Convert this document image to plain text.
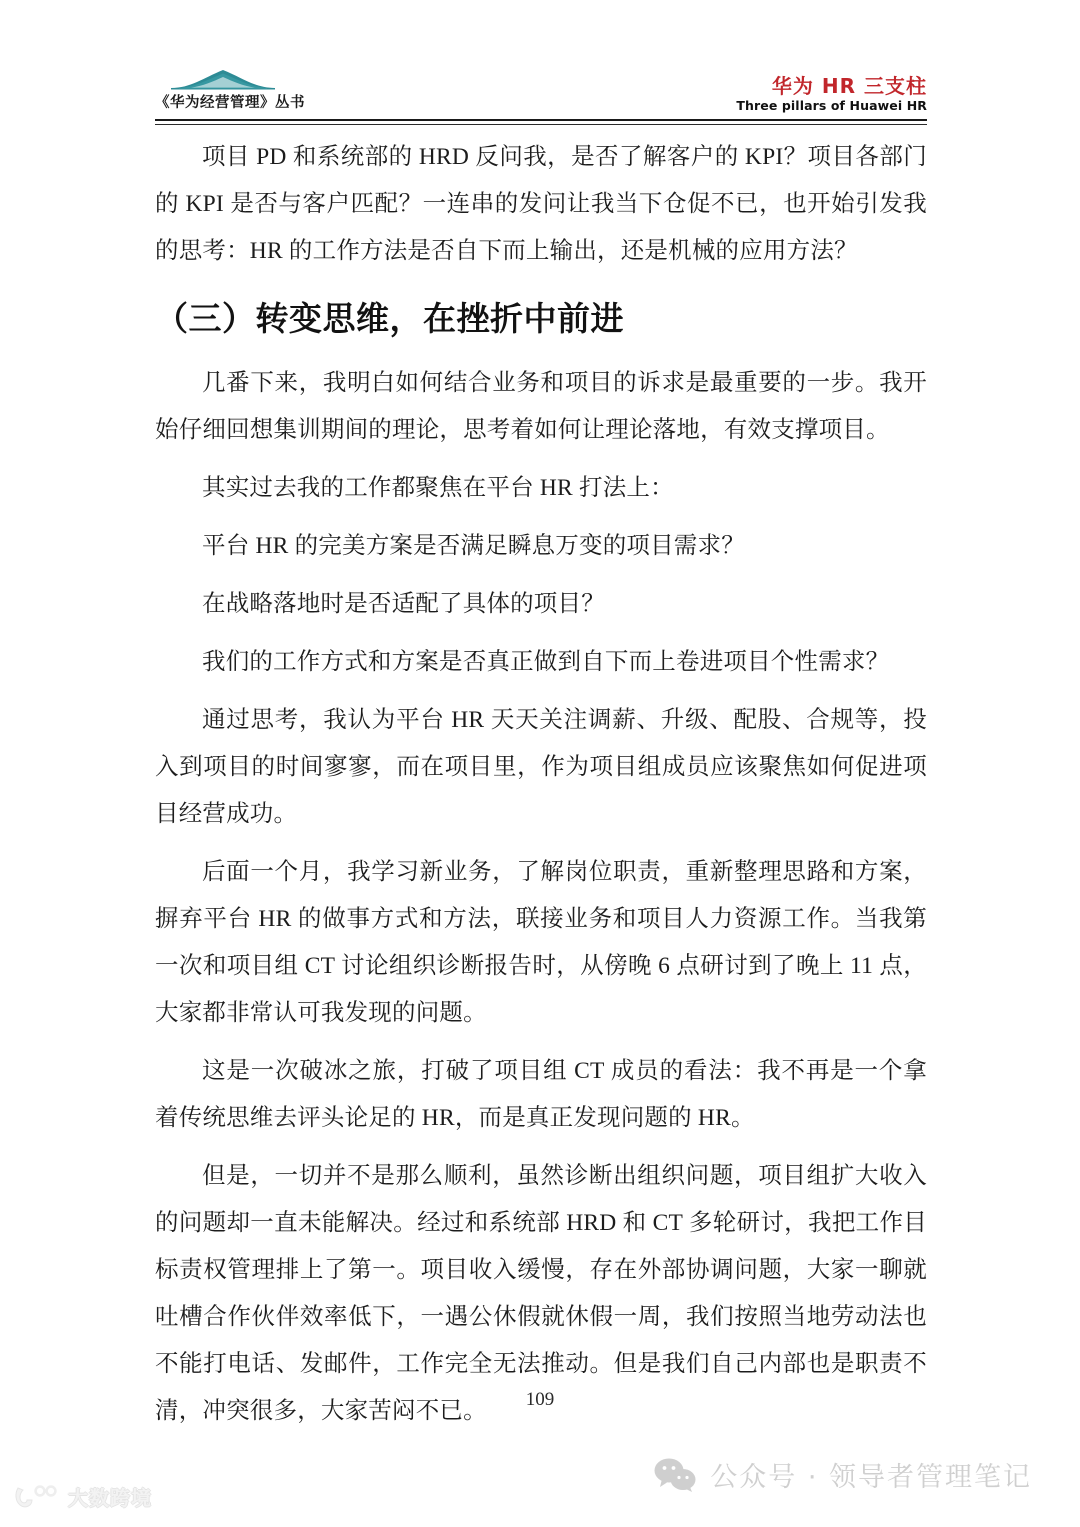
《华为经营管理》丛书
华为 HR 三支柱
Three pillars of Huawei HR

项目 PD 和系统部的 HRD 反问我，是否了解客户的 KPI？项目各部门的 KPI 是否与客户匹配？一连串的发问让我当下仓促不已，也开始引发我的思考：HR 的工作方法是否自下而上输出，还是机械的应用方法？

（三）转变思维，在挫折中前进

几番下来，我明白如何结合业务和项目的诉求是最重要的一步。我开始仔细回想集训期间的理论，思考着如何让理论落地，有效支撑项目。

其实过去我的工作都聚焦在平台 HR 打法上：

平台 HR 的完美方案是否满足瞬息万变的项目需求？

在战略落地时是否适配了具体的项目？

我们的工作方式和方案是否真正做到自下而上卷进项目个性需求？

通过思考，我认为平台 HR 天天关注调薪、升级、配股、合规等，投入到项目的时间寥寥，而在项目里，作为项目组成员应该聚焦如何促进项目经营成功。

后面一个月，我学习新业务，了解岗位职责，重新整理思路和方案，摒弃平台 HR 的做事方式和方法，联接业务和项目人力资源工作。当我第一次和项目组 CT 讨论组织诊断报告时，从傍晚 6 点研讨到了晚上 11 点，大家都非常认可我发现的问题。

这是一次破冰之旅，打破了项目组 CT 成员的看法：我不再是一个拿着传统思维去评头论足的 HR，而是真正发现问题的 HR。

但是，一切并不是那么顺利，虽然诊断出组织问题，项目组扩大收入的问题却一直未能解决。经过和系统部 HRD 和 CT 多轮研讨，我把工作目标责权管理排上了第一。项目收入缓慢，存在外部协调问题，大家一聊就吐槽合作伙伴效率低下，一遇公休假就休假一周，我们按照当地劳动法也不能打电话、发邮件，工作完全无法推动。但是我们自己内部也是职责不清，冲突很多，大家苦闷不已。	109
公众号 · 领导者管理笔记
大数跨境
